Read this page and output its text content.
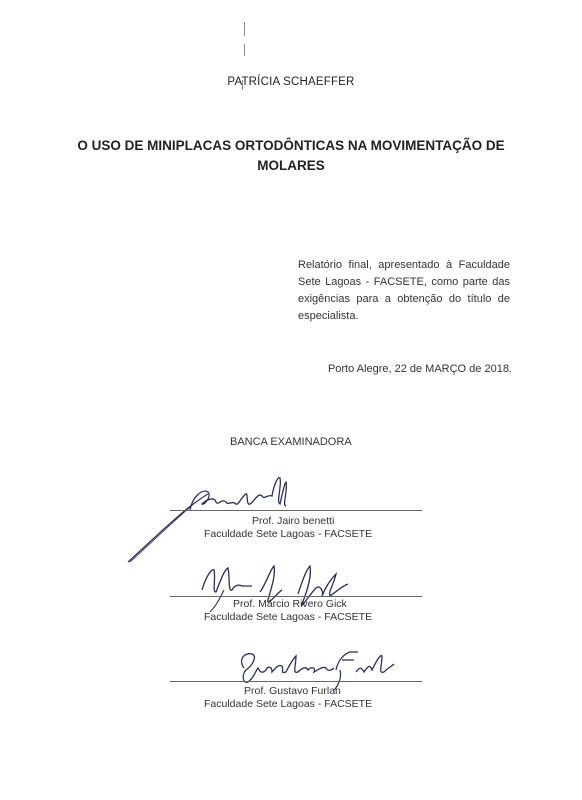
PATRÍCIA SCHAEFFER
O USO DE MINIPLACAS ORTODÔNTICAS NA MOVIMENTAÇÃO DE
MOLARES
Relatório final, apresentado à Faculdade Sete Lagoas - FACSETE, como parte das exigências para a obtenção do título de especialista.
Porto Alegre, 22 de MARÇO de 2018.
BANCA EXAMINADORA
Prof. Jairo benetti
Faculdade Sete Lagoas - FACSETE
Prof. Márcio Rivero Gick
Faculdade Sete Lagoas - FACSETE
Prof. Gustavo Furlan
Faculdade Sete Lagoas - FACSETE
